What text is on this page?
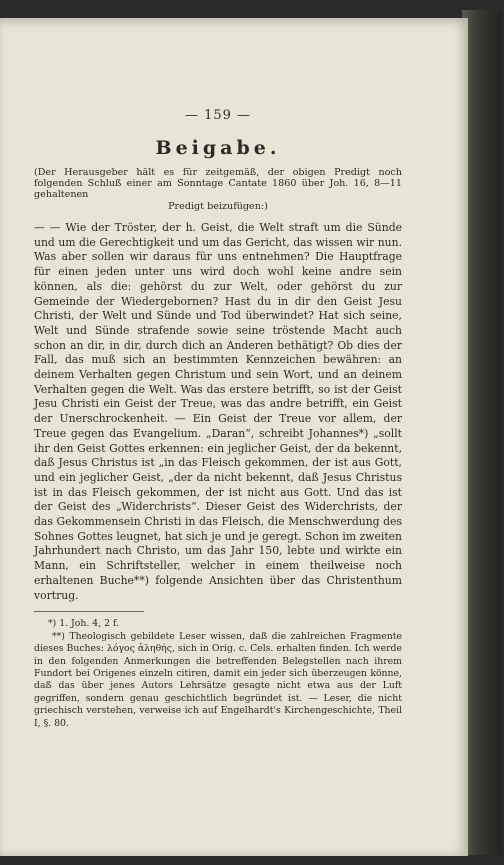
— 159 —
Beigabe.
(Der Herausgeber hält es für zeitgemäß, der obigen Predigt noch folgenden Schluß einer am Sonntage Cantate 1860 über Joh. 16, 8—11 gehaltenen
Predigt beizufügen:)

— — Wie der Tröster, der h. Geist, die Welt straft um die Sünde und um die Gerechtigkeit und um das Gericht, das wissen wir nun. Was aber sollen wir daraus für uns entnehmen? Die Hauptfrage für einen jeden unter uns wird doch wohl keine andre sein können, als die: gehörst du zur Welt, oder gehörst du zur Gemeinde der Wiedergebornen? Hast du in dir den Geist Jesu Christi, der Welt und Sünde und Tod überwindet? Hat sich seine, Welt und Sünde strafende sowie seine tröstende Macht auch schon an dir, in dir, durch dich an Anderen bethätigt? Ob dies der Fall, das muß sich an bestimmten Kennzeichen bewähren: an deinem Verhalten gegen Christum und sein Wort, und an deinem Verhalten gegen die Welt. Was das erstere betrifft, so ist der Geist Jesu Christi ein Geist der Treue, was das andre betrifft, ein Geist der Unerschrockenheit. — Ein Geist der Treue vor allem, der Treue gegen das Evangelium. „Daran“, schreibt Johannes*) „sollt ihr den Geist Gottes erkennen: ein jeglicher Geist, der da bekennt, daß Jesus Christus ist „in das Fleisch gekommen, der ist aus Gott, und ein jeglicher Geist, „der da nicht bekennt, daß Jesus Christus ist in das Fleisch gekommen, der ist nicht aus Gott. Und das ist der Geist des „Widerchrists“. Dieser Geist des Widerchrists, der das Gekommensein Christi in das Fleisch, die Menschwerdung des Sohnes Gottes leugnet, hat sich je und je geregt. Schon im zweiten Jahrhundert nach Christo, um das Jahr 150, lebte und wirkte ein Mann, ein Schriftsteller, welcher in einem theilweise noch erhaltenen Buche**) folgende Ansichten über das Christenthum vortrug.

*) 1. Joh. 4, 2 f.

**) Theologisch gebildete Leser wissen, daß die zahlreichen Fragmente dieses Buches: λόγος ἀληθής, sich in Orig. c. Cels. erhalten finden. Ich werde in den folgenden Anmerkungen die betreffenden Belegstellen nach ihrem Fundort bei Origenes einzeln citiren, damit ein jeder sich überzeugen könne, daß das über jenes Autors Lehrsätze gesagte nicht etwa aus der Luft gegriffen, sondern genau geschichtlich begründet ist. — Leser, die nicht griechisch verstehen, verweise ich auf Engelhardt's Kirchengeschichte, Theil I, §. 80.
